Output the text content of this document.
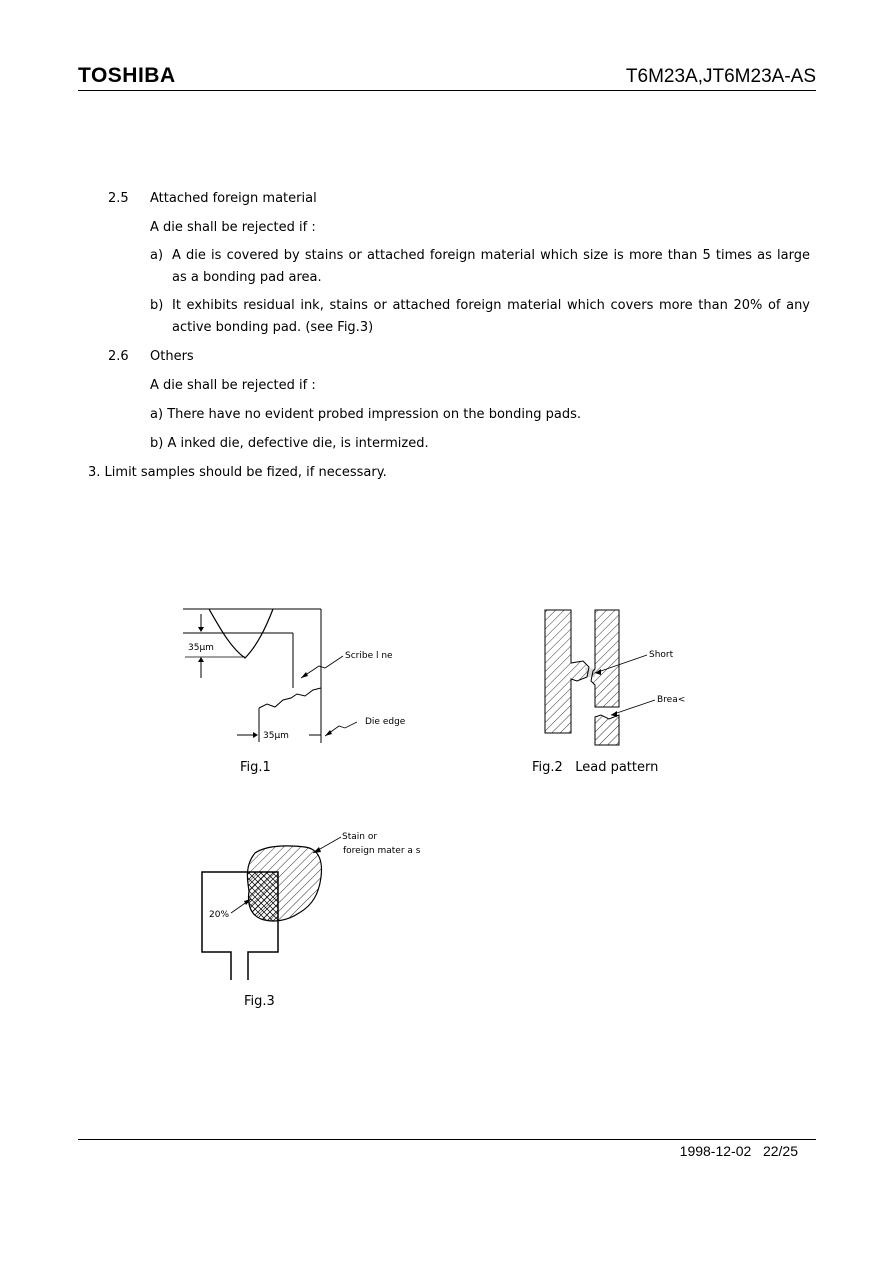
TOSHIBA	T6M23A,JT6M23A-AS
2.5 Attached foreign material
A die shall be rejected if :
a) A die is covered by stains or attached foreign material which size is more than 5 times as large as a bonding pad area.
b) It exhibits residual ink, stains or attached foreign material which covers more than 20% of any active bonding pad. (see Fig.3)
2.6 Others
A die shall be rejected if :
a) There have no evident probed impression on the bonding pads.
b) A inked die, defective die, is intermized.
3. Limit samples should be fized, if necessary.
35μm
35μm
Scribe l ne
Die edge
Fig.1
Short
Brea<
Fig.2 Lead pattern
Stain or
foreign mater a s
20%
Fig.3
1998-12-02 22/25
